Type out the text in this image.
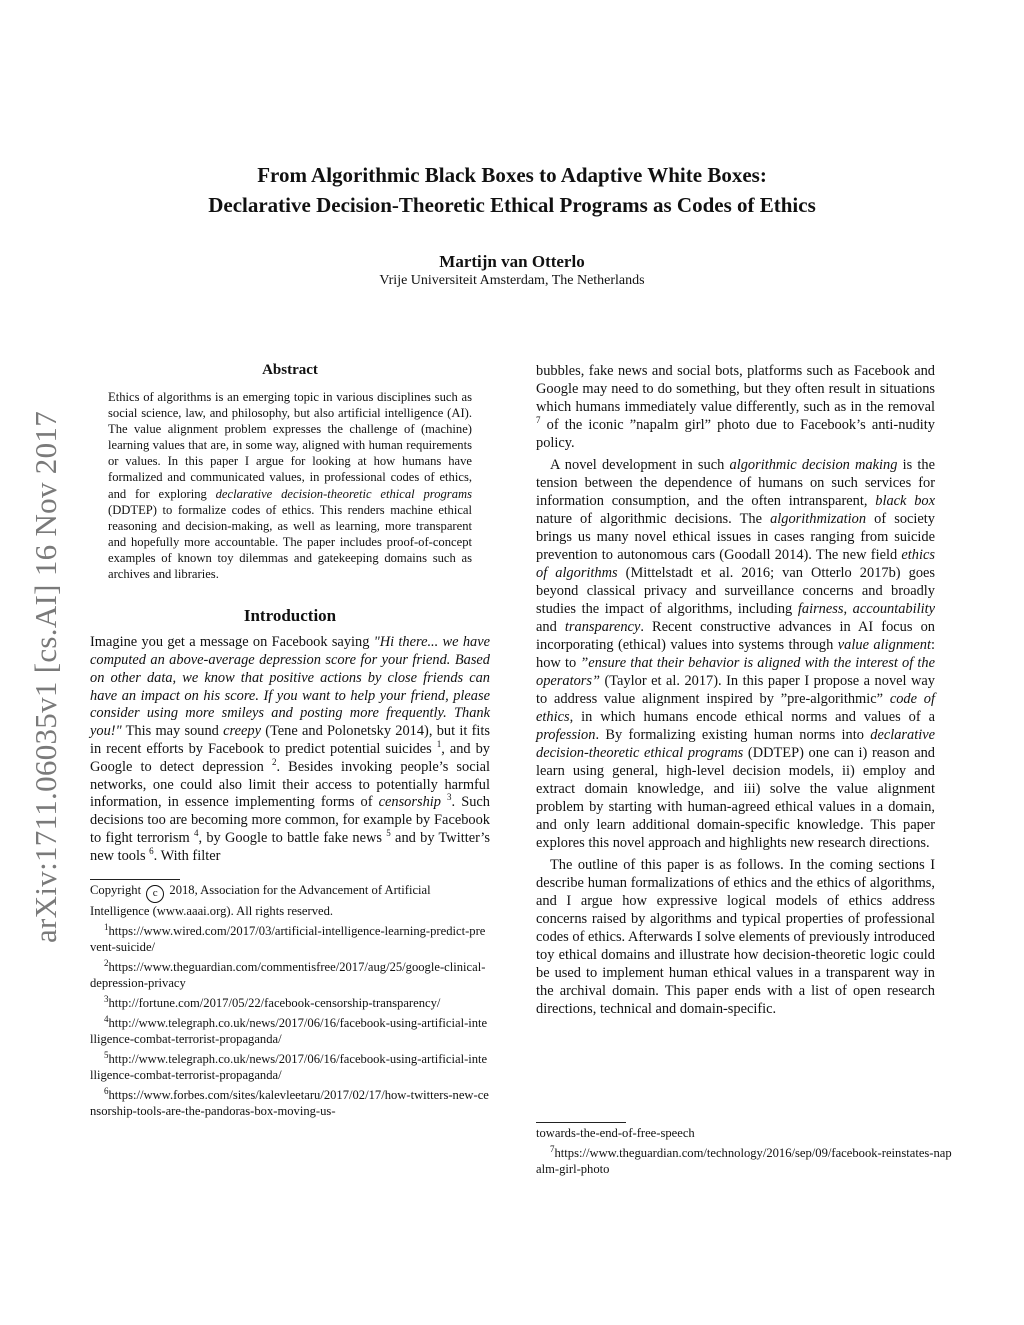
From Algorithmic Black Boxes to Adaptive White Boxes:
Declarative Decision-Theoretic Ethical Programs as Codes of Ethics
Martijn van Otterlo
Vrije Universiteit Amsterdam, The Netherlands
arXiv:1711.06035v1 [cs.AI] 16 Nov 2017
Abstract

Ethics of algorithms is an emerging topic in various disciplines such as social science, law, and philosophy, but also artificial intelligence (AI). The value alignment problem expresses the challenge of (machine) learning values that are, in some way, aligned with human requirements or values. In this paper I argue for looking at how humans have formalized and communicated values, in professional codes of ethics, and for exploring declarative decision-theoretic ethical programs (DDTEP) to formalize codes of ethics. This renders machine ethical reasoning and decision-making, as well as learning, more transparent and hopefully more accountable. The paper includes proof-of-concept examples of known toy dilemmas and gatekeeping domains such as archives and libraries.

Introduction

Imagine you get a message on Facebook saying "Hi there... we have computed an above-average depression score for your friend. Based on other data, we know that positive actions by close friends can have an impact on his score. If you want to help your friend, please consider using more smileys and posting more frequently. Thank you!" This may sound creepy (Tene and Polonetsky 2014), but it fits in recent efforts by Facebook to predict potential suicides $^1$, and by Google to detect depression $^2$. Besides invoking people’s social networks, one could also limit their access to potentially harmful information, in essence implementing forms of censorship $^3$. Such decisions too are becoming more common, for example by Facebook to fight terrorism $^4$, by Google to battle fake news $^5$ and by Twitter’s new tools $^6$. With filter

Copyright c 2018, Association for the Advancement of Artificial Intelligence (www.aaai.org). All rights reserved.

$^1$https://www.wired.com/2017/03/artificial-intelligence-learning-predict-prevent-suicide/

$^2$https://www.theguardian.com/commentisfree/2017/aug/25/google-clinical-depression-privacy

$^3$http://fortune.com/2017/05/22/facebook-censorship-transparency/

$^4$http://www.telegraph.co.uk/news/2017/06/16/facebook-using-artificial-intelligence-combat-terrorist-propaganda/

$^5$http://www.telegraph.co.uk/news/2017/06/16/facebook-using-artificial-intelligence-combat-terrorist-propaganda/

$^6$https://www.forbes.com/sites/kalevleetaru/2017/02/17/how-twitters-new-censorship-tools-are-the-pandoras-box-moving-us-

bubbles, fake news and social bots, platforms such as Facebook and Google may need to do something, but they often result in situations which humans immediately value differently, such as in the removal $^7$ of the iconic ”napalm girl” photo due to Facebook’s anti-nudity policy.

A novel development in such algorithmic decision making is the tension between the dependence of humans on such services for information consumption, and the often intransparent, black box nature of algorithmic decisions. The algorithmization of society brings us many novel ethical issues in cases ranging from suicide prevention to autonomous cars (Goodall 2014). The new field ethics of algorithms (Mittelstadt et al. 2016; van Otterlo 2017b) goes beyond classical privacy and surveillance concerns and broadly studies the impact of algorithms, including fairness, accountability and transparency. Recent constructive advances in AI focus on incorporating (ethical) values into systems through value alignment: how to ”ensure that their behavior is aligned with the interest of the operators” (Taylor et al. 2017). In this paper I propose a novel way to address value alignment inspired by ”pre-algorithmic” code of ethics, in which humans encode ethical norms and values of a profession. By formalizing existing human norms into declarative decision-theoretic ethical programs (DDTEP) one can i) reason and learn using general, high-level decision models, ii) employ and extract domain knowledge, and iii) solve the value alignment problem by starting with human-agreed ethical values in a domain, and only learn additional domain-specific knowledge. This paper explores this novel approach and highlights new research directions.

The outline of this paper is as follows. In the coming sections I describe human formalizations of ethics and the ethics of algorithms, and I argue how expressive logical models of ethics address concerns raised by algorithms and typical properties of professional codes of ethics. Afterwards I solve elements of previously introduced toy ethical domains and illustrate how decision-theoretic logic could be used to implement human ethical values in a transparent way in the archival domain. This paper ends with a list of open research directions, technical and domain-specific.

towards-the-end-of-free-speech

$^7$https://www.theguardian.com/technology/2016/sep/09/facebook-reinstates-napalm-girl-photo
